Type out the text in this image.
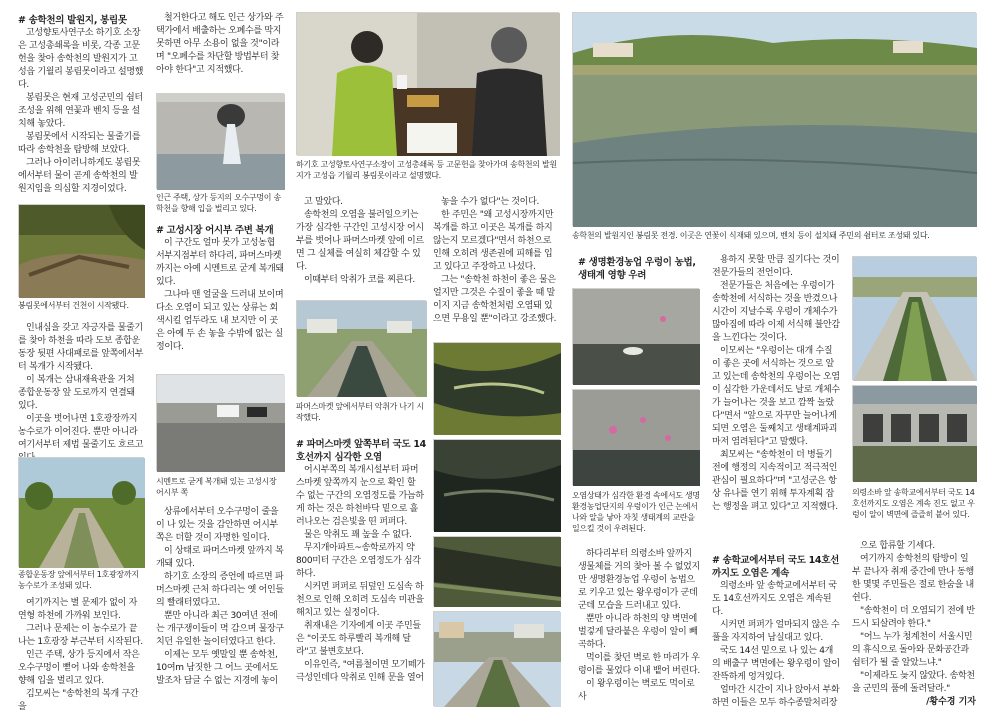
# 송학천의 발원지, 봉림못

고성향토사연구소 하기호 소장은 고성총쇄록을 비롯, 각종 고문헌을 찾아 송학천의 발원지가 고성읍 기월리 봉림못이라고 설명했다.

봉림못은 현재 고성군민의 쉼터조성을 위해 연꽃과 벤치 등을 설치해 놓았다.

봉림못에서 시작되는 물줄기를 따라 송학천을 탐방해 보았다.

그러나 아이러니하게도 봉림못에서부터 물이 곧게 송학천의 발원지임을 의심할 지경이었다.

봉림못에서부터 건천이 시작됐다.

인내심을 갖고 자긍자를 물줄기를 찾아 하천을 따라 도보 종합운동장 뒷편 사대패로를 앞쪽에서부터 복개가 시작됐다.

이 복개는 삼내재육관을 거쳐 종합운동장 앞 도로까지 연결돼 있다.

이곳을 벗어나면 1호광장까지 농수로가 이어진다. 뿐만 아니라 여기서부터 제법 물줄기도 흐르고

종합운동장 앞에서부터 1호광장까지 농수로가 조성돼 있다.

여기까지는 별 문제가 없이 자연형 하천에 가까워 보인다.

그러나 문제는 이 농수로가 끝나는 1호광장 부근부터 시작된다.

인근 주택, 상가 등지에서 작은 오수구멍이 뻗어 나와 송학천을 향해 입을 벌리고 있다.

김모씨는 "송학천의 복개 구간을

철거한다고 해도 인근 상가와 주택가에서 배출하는 오폐수를 막지 못하면 아무 소용이 없을 것"이라며 "오폐수를 차단할 방법부터 찾아야 한다"고 지적했다.

인근 주택, 상가 등지의 오수구멍이 송학천을 향해 입을 벌리고 있다.
# 고성시장 어시부 주변 복개

이 구간도 얼마 못가 고성농협 서부지점부터 하다리, 파머스마켓까지는 아예 시멘트로 굳게 복개돼 있다.

그나마 맨 얼굴을 드러내 보이며 다소 오염이 되고 있는 상류는 회색시킬 엄두라도 내 보지만 이 곳은 아예 두 손 놓을 수밖에 없는 실정이다.

시멘트로 굳게 복개돼 있는 고성시장 어시부 쪽

상류에서부터 오수구멍이 줄을 이 나 있는 것을 감안하면 어시부 쪽은 더할 것이 자명한 일이다.

이 상태로 파머스마켓 앞까지 복개돼 있다.

하기호 소장의 증언에 따르면 파머스마켓 근처 하다리는 옛 어인들의 빨래터였다고.

뿐만 아니라 최근 30여년 전에는 개구쟁이들이 멱 감으며 물장구치던 유일한 놀이터였다고 한다.

이제는 모두 옛말일 뿐 송학천, 10여m 남짓한 그 어느 곳에서도 발조차 담글 수 없는 지경에 놓이

하기호 고성향토사연구소장이 고성총쇄록 등 고문헌을 찾아가며 송학천의 발원지가 고성읍 기월리 봉림못이라고 설명했다.

고 말았다.

송학천의 오염을 불러일으키는 가장 심각한 구간인 고성시장 어시부를 벗어나 파머스마켓 앞에 이르면 그 실체를 여실히 체감할 수 있다.

이때부터 악취가 코를 찌른다.

파머스마켓 앞에서부터 악취가 나기 시작했다.
# 파머스마켓 앞쪽부터 국도 14호선까지 심각한 오염

어시부쪽의 복개시설부터 파머스마켓 앞쪽까지 눈으로 확인 할 수 없는 구간의 오염정도를 가늠하게 하는 것은 하천바닥 밑으로 흘러나오는 검은빛을 띤 퍼퍼다.

물은 악취도 꽤 높을 수 없다.

무지개아파트~송학로까지 약 800미터 구간은 오염정도가 심각하다.

시커먼 퍼퍼로 뒤덮인 도심속 하천으로 인해 오히려 도심속 미관을 해치고 있는 실정이다.

취재내은 기자에게 이곳 주민들은 "이곳도 하루빨리 복개해 달라"고 불변호보다.

이유인즉, "여름철이면 모기떼가 극성인데다 악취로 인해 문을 열어

놓을 수가 없다"는 것이다.

한 주민은 "왜 고성시장까지만 복개를 하고 이곳은 복개를 하지 않는지 모르겠다"면서 하천으로 인해 오히려 생존권에 피해를 입고 있다고 주장하고 나섰다.

그는 "송학천 하천이 좋은 물은 얼지만 그것은 수질이 좋을 때 말이지 지금 송학천처럼 오염돼 있으면 무용일 뿐"이라고 강조했다.

송학천의 발원지인 봉림못 전경. 이곳은 연꽃이 식재돼 있으며, 벤치 등이 설치돼 주민의 쉼터로 조성돼 있다.
# 생명환경농업 우렁이 농법, 생태계 영향 우려
오염상태가 심각한 환경 속에서도 생명환경농업단지의 우렁이가 인근 논에서 나와 알을 낳아 자칫 생태계의 교란을 일으킬 것이 우려된다.

하다리부터 의령소바 앞까지 생물체를 거의 찾아 볼 수 없었지만 생명환경농업 우렁이 농법으로 키우고 있는 왕우렁이가 군데군데 모습을 드러내고 있다.

뿐만 아니라 하천의 양 벽면에 벌겋게 달라붙은 우렁이 알이 빼곡하다.

먹이를 찾던 벽로 한 마리가 우렁이를 물었다 이내 뱉어 버린다.

이 왕우렁이는 벽로도 먹이로 사

용하지 못할 만큼 질기다는 것이 전문가들의 전언이다.

전문가들은 처음에는 우렁이가 송학천에 서식하는 것을 반겼으나 시간이 지날수록 우렁이 개체수가 많아짐에 따라 이제 서식해 불안감을 느낀다는 것이다.

이모씨는 "우렁이는 대개 수질이 좋은 곳에 서식하는 것으로 알고 있는데 송학천의 우렁이는 오염이 심각한 가운데서도 날로 개체수가 늘어나는 것을 보고 깜짝 놀랐다"면서 "앞으로 자꾸만 늘어나게 되면 오염은 둘째치고 생태계파괴마저 염려된다"고 말했다.

최모씨는 "송학천이 더 병들기 전에 행정의 지속적이고 적극적인 관심이 필요하다"며 "고성군은 항상 유나를 연기 위해 투자계획 잡는 행정을 펴고 있다"고 지적했다.

# 송학교에서부터 국도 14호선까지도 오염은 계속

의령소바 앞 송학교에서부터 국도 14호선까지도 오염은 계속된다.

시커먼 퍼퍼가 얼마되지 않은 수풀을 자지하여 남실대고 있다.

국도 14선 밑으로 나 있는 4개의 배출구 벽면에는 왕우렁이 알이 잔뜩하게 엉겨있다.

얼마간 시간이 지나 앉아서 부화하면 이들은 모두 하수종말처리장

의령소바 앞 송학교에서부터 국도 14호선까지도 오염은 계속 진도 없고 우렁이 알이 벽면에 즐즐히 붙어 있다.

으로 합류할 기세다.

여기까지 송학천의 탐방이 일부 끝나자 취재 중간에 만나 동행한 몇몇 주민들은 절로 한숨을 내쉰다.

"송학천이 더 오염되기 전에 반드시 되살려야 한다."

"어느 누가 청계천이 서울시민의 휴식으로 돌아와 문화공간과 쉼터가 될 줄 알았느냐."

"이제라도 늦지 않았다. 송학천을 군민의 품에 돌려달라."

/황수경 기자
